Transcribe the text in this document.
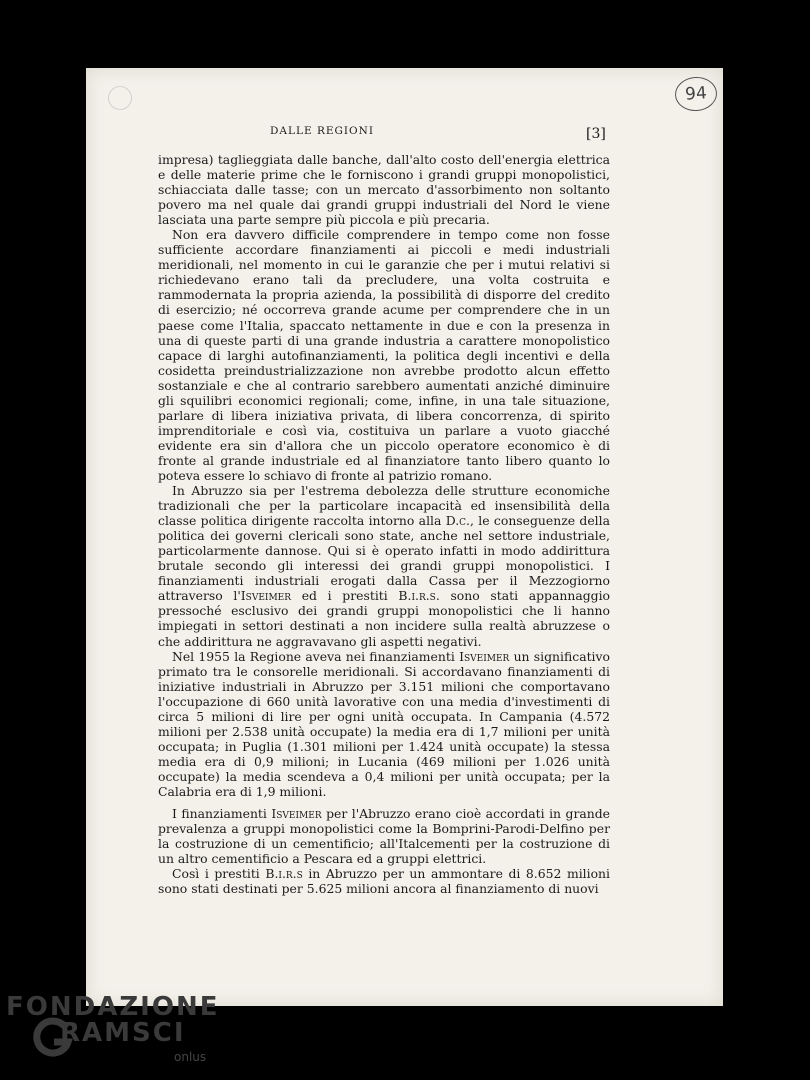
94
DALLE REGIONI	[3]

impresa) taglieggiata dalle banche, dall'alto costo dell'energia elettrica e delle materie prime che le forniscono i grandi gruppi monopolistici, schiacciata dalle tasse; con un mercato d'assorbimento non soltanto povero ma nel quale dai grandi gruppi industriali del Nord le viene lasciata una parte sempre più piccola e più precaria.

Non era davvero difficile comprendere in tempo come non fosse sufficiente accordare finanziamenti ai piccoli e medi industriali meridionali, nel momento in cui le garanzie che per i mutui relativi si richiedevano erano tali da precludere, una volta costruita e rammodernata la propria azienda, la possibilità di disporre del credito di esercizio; né occorreva grande acume per comprendere che in un paese come l'Italia, spaccato nettamente in due e con la presenza in una di queste parti di una grande industria a carattere monopolistico capace di larghi autofinanziamenti, la politica degli incentivi e della cosidetta preindustrializzazione non avrebbe prodotto alcun effetto sostanziale e che al contrario sarebbero aumentati anziché diminuire gli squilibri economici regionali; come, infine, in una tale situazione, parlare di libera iniziativa privata, di libera concorrenza, di spirito imprenditoriale e così via, costituiva un parlare a vuoto giacché evidente era sin d'allora che un piccolo operatore economico è di fronte al grande industriale ed al finanziatore tanto libero quanto lo poteva essere lo schiavo di fronte al patrizio romano.

In Abruzzo sia per l'estrema debolezza delle strutture economiche tradizionali che per la particolare incapacità ed insensibilità della classe politica dirigente raccolta intorno alla D.c., le conseguenze della politica dei governi clericali sono state, anche nel settore industriale, particolarmente dannose. Qui si è operato infatti in modo addirittura brutale secondo gli interessi dei grandi gruppi monopolistici. I finanziamenti industriali erogati dalla Cassa per il Mezzogiorno attraverso l'Isveimer ed i prestiti B.i.r.s. sono stati appannaggio pressoché esclusivo dei grandi gruppi monopolistici che li hanno impiegati in settori destinati a non incidere sulla realtà abruzzese o che addirittura ne aggravavano gli aspetti negativi.

Nel 1955 la Regione aveva nei finanziamenti Isveimer un significativo primato tra le consorelle meridionali. Si accordavano finanziamenti di iniziative industriali in Abruzzo per 3.151 milioni che comportavano l'occupazione di 660 unità lavorative con una media d'investimenti di circa 5 milioni di lire per ogni unità occupata. In Campania (4.572 milioni per 2.538 unità occupate) la media era di 1,7 milioni per unità occupata; in Puglia (1.301 milioni per 1.424 unità occupate) la stessa media era di 0,9 milioni; in Lucania (469 milioni per 1.026 unità occupate) la media scendeva a 0,4 milioni per unità occupata; per la Calabria era di 1,9 milioni.

I finanziamenti Isveimer per l'Abruzzo erano cioè accordati in grande prevalenza a gruppi monopolistici come la Bomprini-Parodi-Delfino per la costruzione di un cementificio; all'Italcementi per la costruzione di un altro cementificio a Pescara ed a gruppi elettrici.

Così i prestiti B.i.r.s in Abruzzo per un ammontare di 8.652 milioni sono stati destinati per 5.625 milioni ancora al finanziamento di nuovi

FONDAZIONE
RAMSCI
onlus
